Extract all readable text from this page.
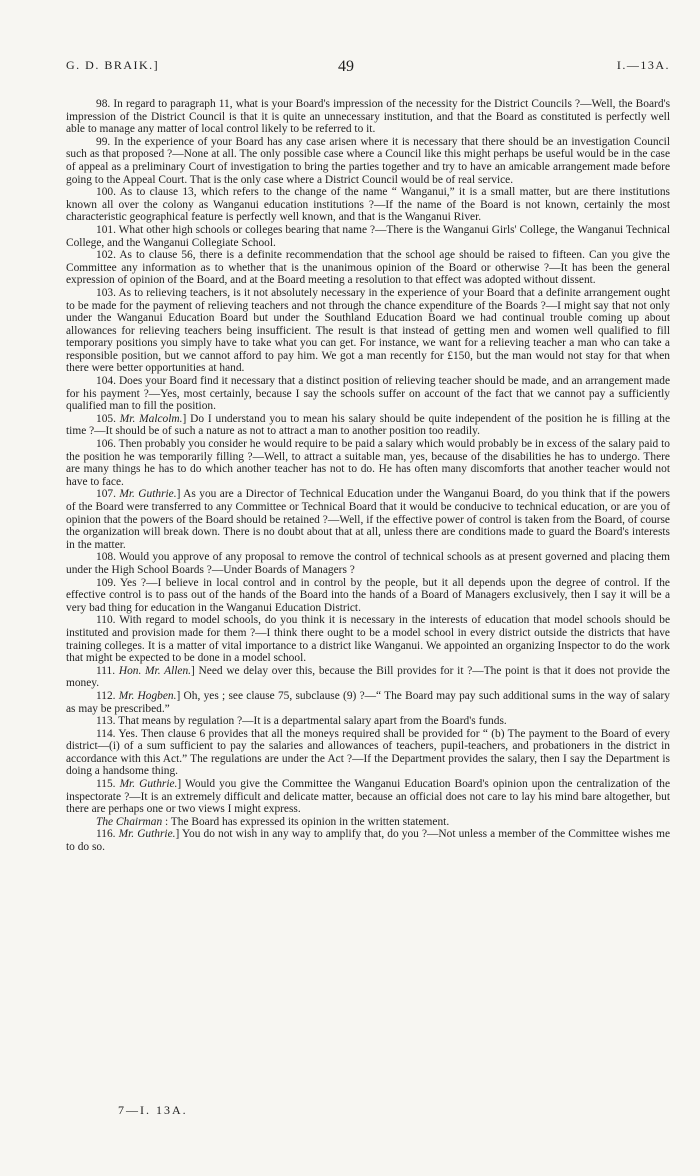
G. D. BRAIK.]	49	I.—13A.

98. In regard to paragraph 11, what is your Board's impression of the necessity for the District Councils ?—Well, the Board's impression of the District Council is that it is quite an unnecessary institution, and that the Board as constituted is perfectly well able to manage any matter of local control likely to be referred to it.

99. In the experience of your Board has any case arisen where it is necessary that there should be an investigation Council such as that proposed ?—None at all. The only possible case where a Council like this might perhaps be useful would be in the case of appeal as a preliminary Court of investigation to bring the parties together and try to have an amicable arrangement made before going to the Appeal Court. That is the only case where a District Council would be of real service.

100. As to clause 13, which refers to the change of the name “ Wanganui,” it is a small matter, but are there institutions known all over the colony as Wanganui education institutions ?—If the name of the Board is not known, certainly the most characteristic geographical feature is perfectly well known, and that is the Wanganui River.

101. What other high schools or colleges bearing that name ?—There is the Wanganui Girls' College, the Wanganui Technical College, and the Wanganui Collegiate School.

102. As to clause 56, there is a definite recommendation that the school age should be raised to fifteen. Can you give the Committee any information as to whether that is the unanimous opinion of the Board or otherwise ?—It has been the general expression of opinion of the Board, and at the Board meeting a resolution to that effect was adopted without dissent.

103. As to relieving teachers, is it not absolutely necessary in the experience of your Board that a definite arrangement ought to be made for the payment of relieving teachers and not through the chance expenditure of the Boards ?—I might say that not only under the Wanganui Education Board but under the Southland Education Board we had continual trouble coming up about allowances for relieving teachers being insufficient. The result is that instead of getting men and women well qualified to fill temporary positions you simply have to take what you can get. For instance, we want for a relieving teacher a man who can take a responsible position, but we cannot afford to pay him. We got a man recently for £150, but the man would not stay for that when there were better opportunities at hand.

104. Does your Board find it necessary that a distinct position of relieving teacher should be made, and an arrangement made for his payment ?—Yes, most certainly, because I say the schools suffer on account of the fact that we cannot pay a sufficiently qualified man to fill the position.

105. Mr. Malcolm.] Do I understand you to mean his salary should be quite independent of the position he is filling at the time ?—It should be of such a nature as not to attract a man to another position too readily.

106. Then probably you consider he would require to be paid a salary which would probably be in excess of the salary paid to the position he was temporarily filling ?—Well, to attract a suitable man, yes, because of the disabilities he has to undergo. There are many things he has to do which another teacher has not to do. He has often many discomforts that another teacher would not have to face.

107. Mr. Guthrie.] As you are a Director of Technical Education under the Wanganui Board, do you think that if the powers of the Board were transferred to any Committee or Technical Board that it would be conducive to technical education, or are you of opinion that the powers of the Board should be retained ?—Well, if the effective power of control is taken from the Board, of course the organization will break down. There is no doubt about that at all, unless there are conditions made to guard the Board's interests in the matter.

108. Would you approve of any proposal to remove the control of technical schools as at present governed and placing them under the High School Boards ?—Under Boards of Managers ?

109. Yes ?—I believe in local control and in control by the people, but it all depends upon the degree of control. If the effective control is to pass out of the hands of the Board into the hands of a Board of Managers exclusively, then I say it will be a very bad thing for education in the Wanganui Education District.

110. With regard to model schools, do you think it is necessary in the interests of education that model schools should be instituted and provision made for them ?—I think there ought to be a model school in every district outside the districts that have training colleges. It is a matter of vital importance to a district like Wanganui. We appointed an organizing Inspector to do the work that might be expected to be done in a model school.

111. Hon. Mr. Allen.] Need we delay over this, because the Bill provides for it ?—The point is that it does not provide the money.

112. Mr. Hogben.] Oh, yes ; see clause 75, subclause (9) ?—“ The Board may pay such additional sums in the way of salary as may be prescribed.”

113. That means by regulation ?—It is a departmental salary apart from the Board's funds.

114. Yes. Then clause 6 provides that all the moneys required shall be provided for “ (b) The payment to the Board of every district—(i) of a sum sufficient to pay the salaries and allowances of teachers, pupil-teachers, and probationers in the district in accordance with this Act.” The regulations are under the Act ?—If the Department provides the salary, then I say the Department is doing a handsome thing.

115. Mr. Guthrie.] Would you give the Committee the Wanganui Education Board's opinion upon the centralization of the inspectorate ?—It is an extremely difficult and delicate matter, because an official does not care to lay his mind bare altogether, but there are perhaps one or two views I might express.

The Chairman : The Board has expressed its opinion in the written statement.

116. Mr. Guthrie.] You do not wish in any way to amplify that, do you ?—Not unless a member of the Committee wishes me to do so.

7—I. 13A.
